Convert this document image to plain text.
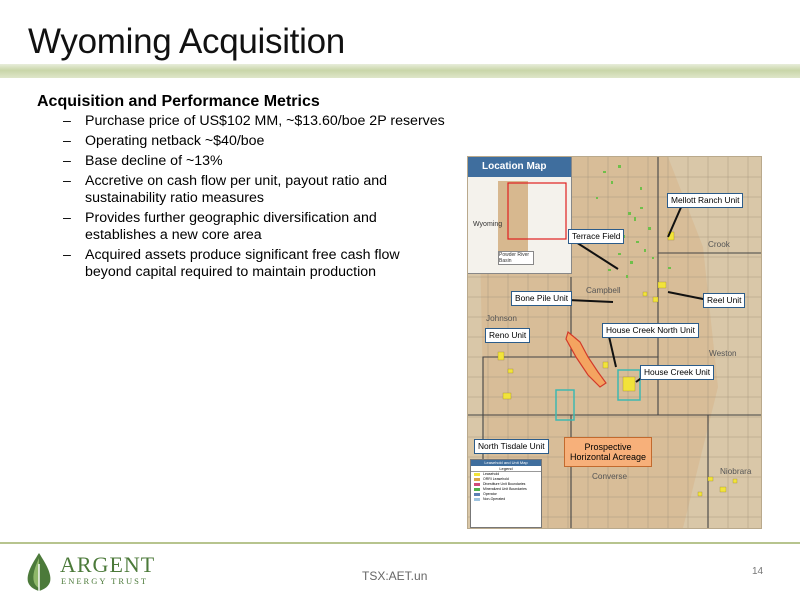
Wyoming Acquisition
Acquisition and Performance Metrics
– Purchase price of US$102 MM, ~$13.60/boe 2P reserves
– Operating netback ~$40/boe
– Base decline of ~13%
– Accretive on cash flow per unit, payout ratio and sustainability ratio measures
– Provides further geographic diversification and establishes a new core area
– Acquired assets produce significant free cash flow beyond capital required to maintain production
Location Map
Wyoming
Powder River Basin
Mellott Ranch Unit
Terrace Field
Bone Pile Unit	Reel Unit
House Creek North Unit
Reno Unit
House Creek Unit
North Tisdale Unit	Prospective
Horizontal Acreage
Crook
Campbell
Johnson
Weston
Converse
Niobrara
Leasehold and Unit Map
Legend
Leasehold
ORRI Leasehold
Divestiture Unit Boundaries
Mineralized Unit Boundaries
Operator
Non-Operated
ARGENT
ENERGY TRUST	TSX:AET.un	14
